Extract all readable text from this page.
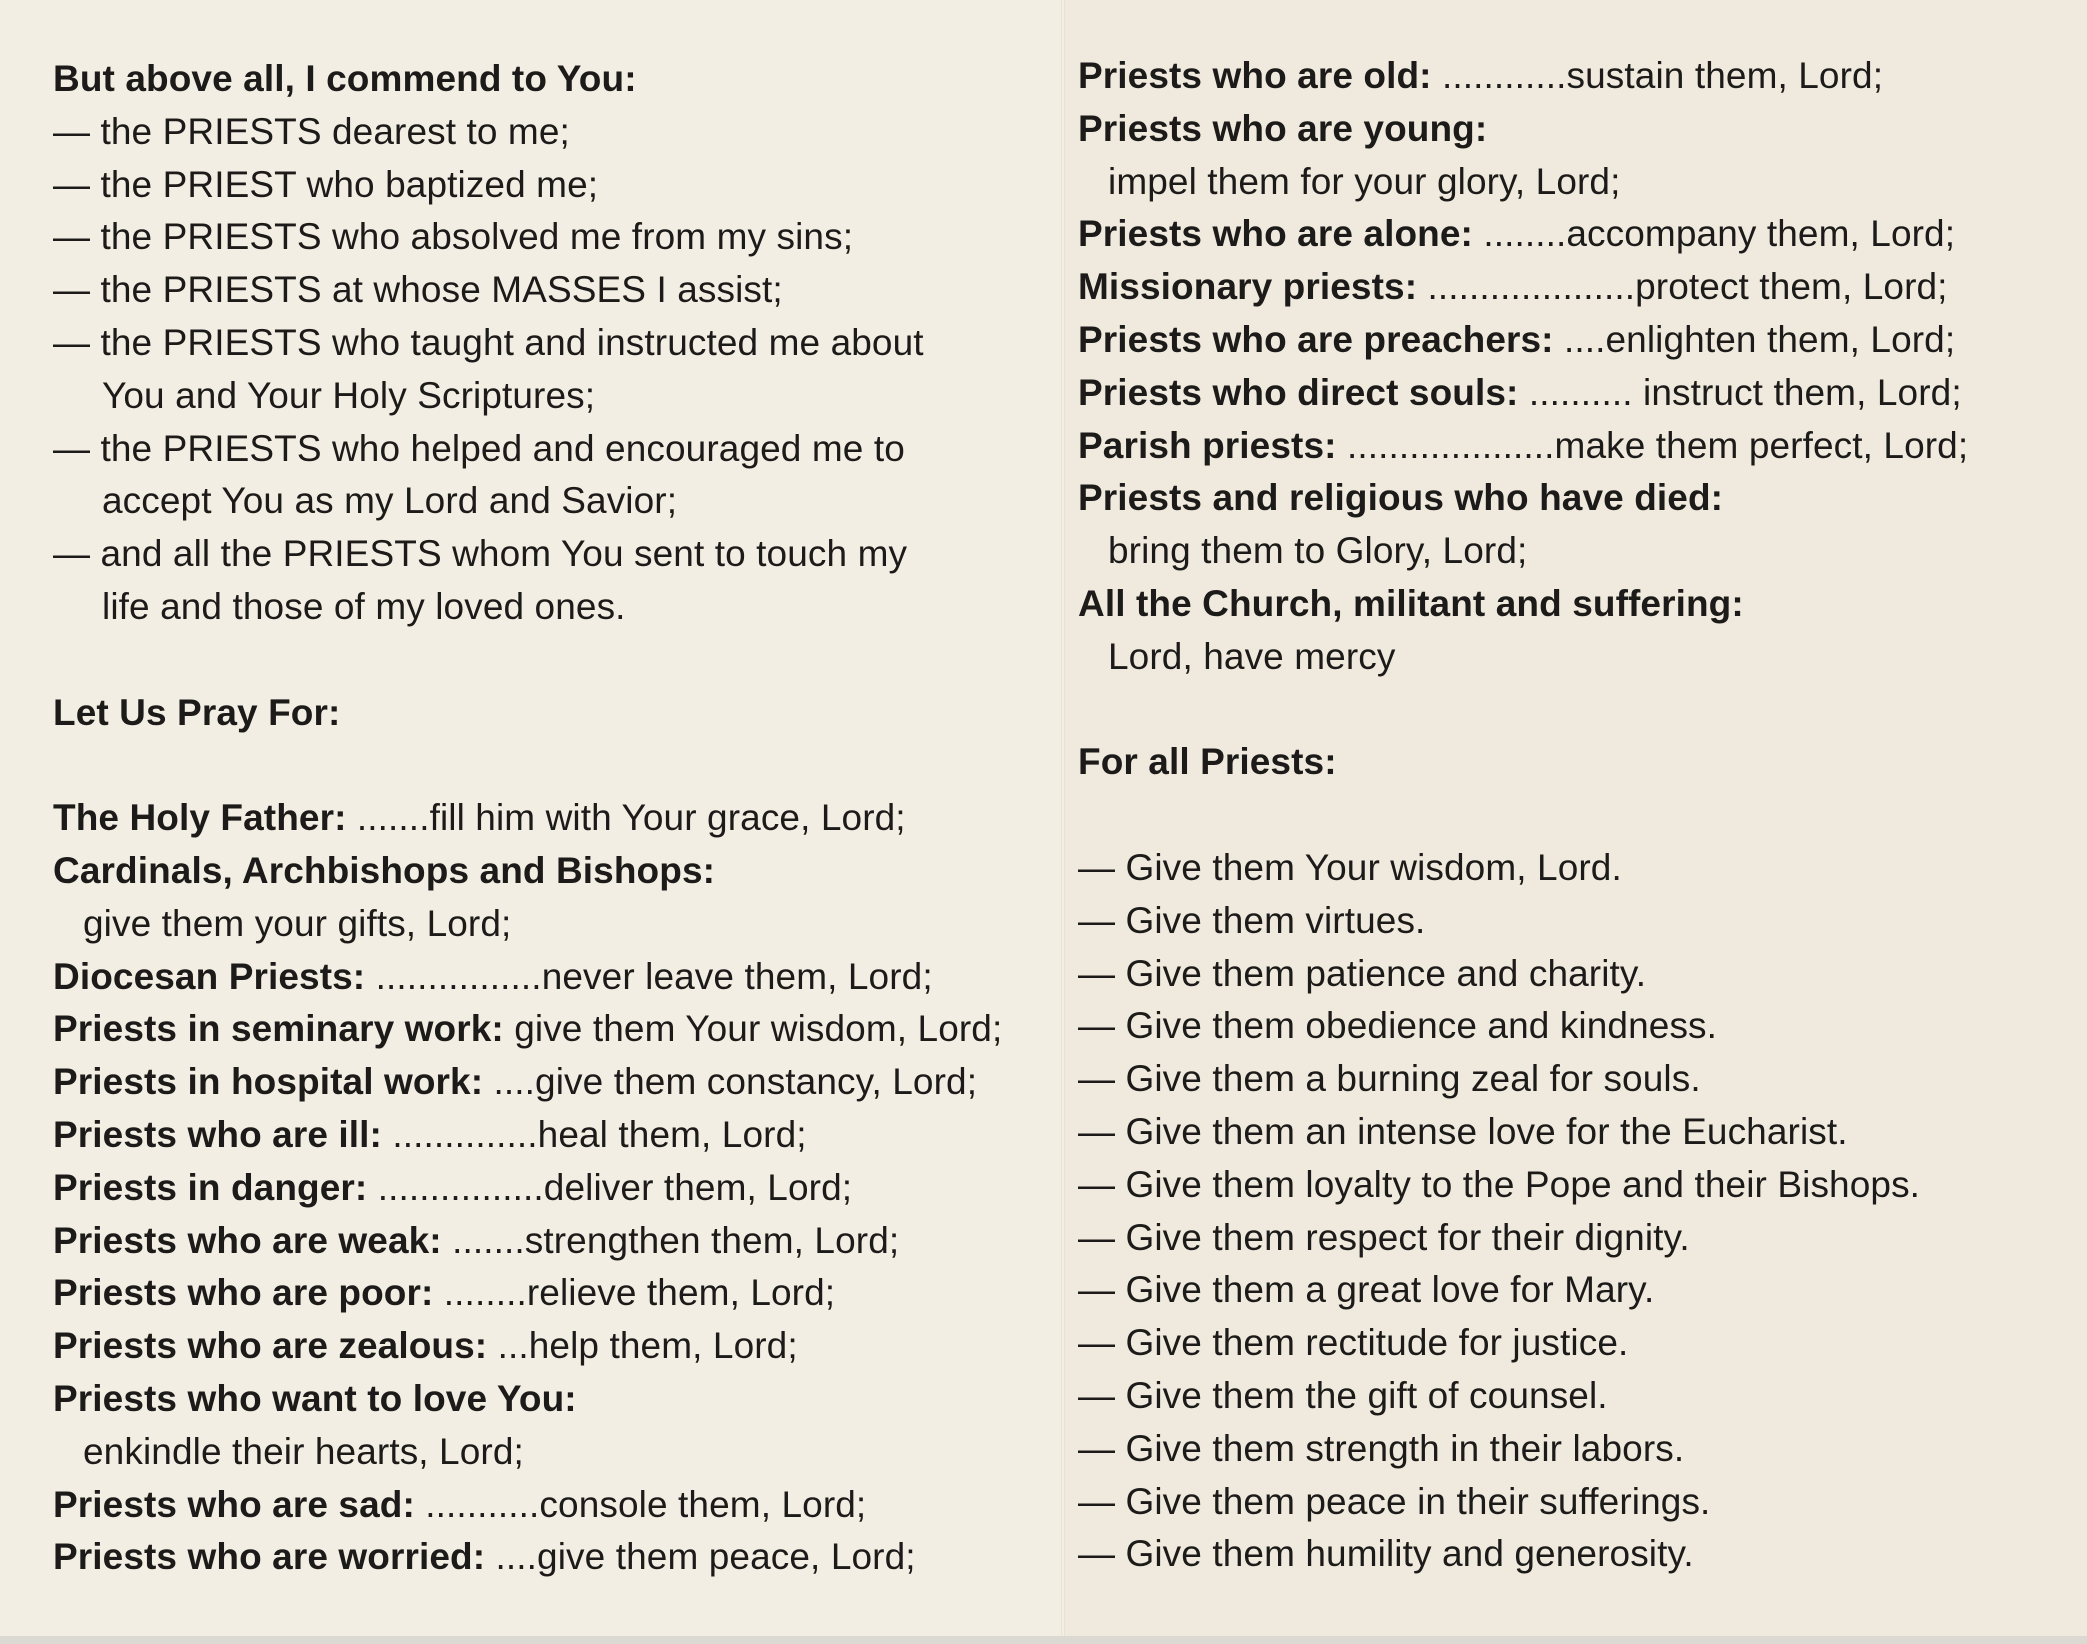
But above all, I commend to You:
— the PRIESTS dearest to me;
— the PRIEST who baptized me;
— the PRIESTS who absolved me from my sins;
— the PRIESTS at whose MASSES I assist;
— the PRIESTS who taught and instructed me about
You and Your Holy Scriptures;
— the PRIESTS who helped and encouraged me to
accept You as my Lord and Savior;
— and all the PRIESTS whom You sent to touch my
life and those of my loved ones.
Let Us Pray For:
The Holy Father: .......fill him with Your grace, Lord;
Cardinals, Archbishops and Bishops:
give them your gifts, Lord;
Diocesan Priests: ................never leave them, Lord;
Priests in seminary work: give them Your wisdom, Lord;
Priests in hospital work: ....give them constancy, Lord;
Priests who are ill: ..............heal them, Lord;
Priests in danger: ................deliver them, Lord;
Priests who are weak: .......strengthen them, Lord;
Priests who are poor: ........relieve them, Lord;
Priests who are zealous: ...help them, Lord;
Priests who want to love You:
enkindle their hearts, Lord;
Priests who are sad: ...........console them, Lord;
Priests who are worried: ....give them peace, Lord;
Priests who are old: ............sustain them, Lord;
Priests who are young:
impel them for your glory, Lord;
Priests who are alone: ........accompany them, Lord;
Missionary priests: ....................protect them, Lord;
Priests who are preachers: ....enlighten them, Lord;
Priests who direct souls: .......... instruct them, Lord;
Parish priests: ....................make them perfect, Lord;
Priests and religious who have died:
bring them to Glory, Lord;
All the Church, militant and suffering:
Lord, have mercy
For all Priests:
— Give them Your wisdom, Lord.
— Give them virtues.
— Give them patience and charity.
— Give them obedience and kindness.
— Give them a burning zeal for souls.
— Give them an intense love for the Eucharist.
— Give them loyalty to the Pope and their Bishops.
— Give them respect for their dignity.
— Give them a great love for Mary.
— Give them rectitude for justice.
— Give them the gift of counsel.
— Give them strength in their labors.
— Give them peace in their sufferings.
— Give them humility and generosity.
